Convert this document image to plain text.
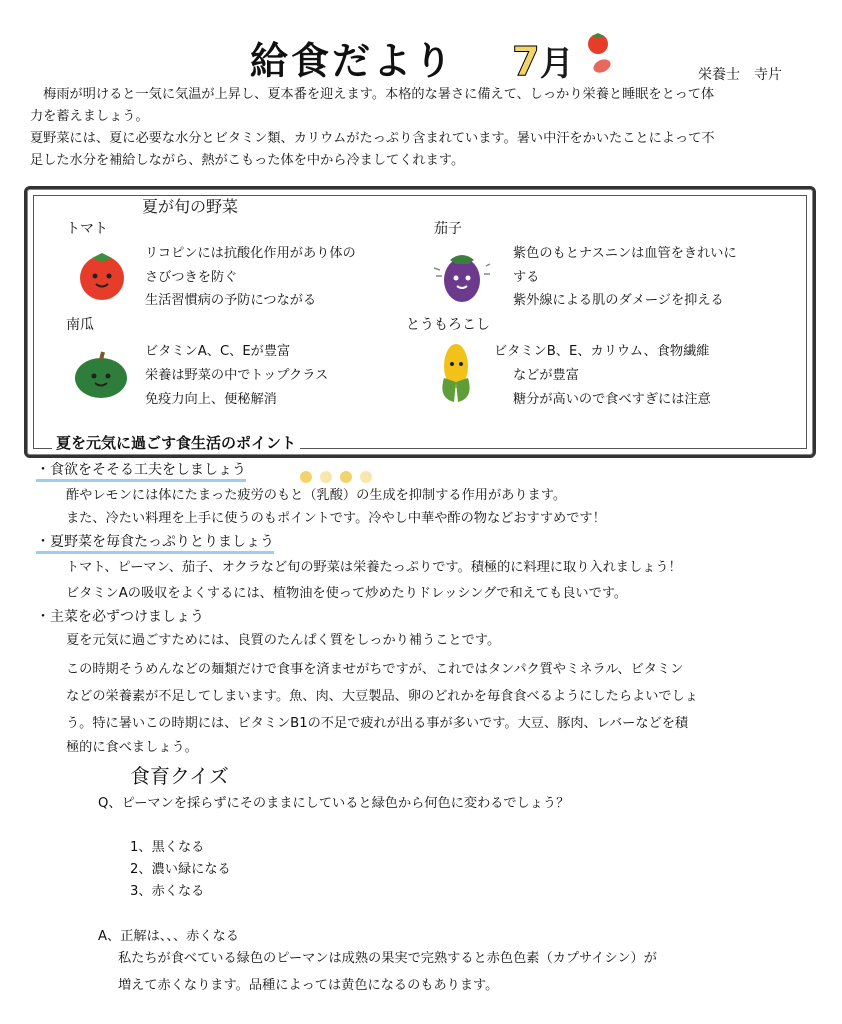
給食だより 7月	栄養士　寺片
　梅雨が明けると一気に気温が上昇し、夏本番を迎えます。本格的な暑さに備えて、しっかり栄養と睡眠をとって体
力を蓄えましょう。
夏野菜には、夏に必要な水分とビタミン類、カリウムがたっぷり含まれています。暑い中汗をかいたことによって不
足した水分を補給しながら、熱がこもった体を中から冷ましてくれます。
夏が旬の野菜
トマト
リコピンには抗酸化作用があり体の
さびつきを防ぐ
生活習慣病の予防につながる
茄子
紫色のもとナスニンは血管をきれいに
する
紫外線による肌のダメージを抑える
南瓜
ビタミンA、C、Eが豊富
栄養は野菜の中でトップクラス
免疫力向上、便秘解消
とうもろこし
ビタミンB、E、カリウム、食物繊維
などが豊富
糖分が高いので食べすぎには注意
夏を元気に過ごす食生活のポイント
・食欲をそそる工夫をしましょう
酢やレモンには体にたまった疲労のもと（乳酸）の生成を抑制する作用があります。
また、冷たい料理を上手に使うのもポイントです。冷やし中華や酢の物などおすすめです！
・夏野菜を毎食たっぷりとりましょう
トマト、ピーマン、茄子、オクラなど旬の野菜は栄養たっぷりです。積極的に料理に取り入れましょう！
ビタミンAの吸収をよくするには、植物油を使って炒めたりドレッシングで和えても良いです。
・主菜を必ずつけましょう
夏を元気に過ごすためには、良質のたんぱく質をしっかり補うことです。
この時期そうめんなどの麺類だけで食事を済ませがちですが、これではタンパク質やミネラル、ビタミン
などの栄養素が不足してしまいます。魚、肉、大豆製品、卵のどれかを毎食食べるようにしたらよいでしょ
う。特に暑いこの時期には、ビタミンB1の不足で疲れが出る事が多いです。大豆、豚肉、レバーなどを積
極的に食べましょう。
食育クイズ
Q、ピーマンを採らずにそのままにしていると緑色から何色に変わるでしょう？
1、黒くなる
2、濃い緑になる
3、赤くなる
A、正解は、、、赤くなる
私たちが食べている緑色のピーマンは成熟の果実で完熟すると赤色色素（カプサイシン）が
増えて赤くなります。品種によっては黄色になるのもあります。
